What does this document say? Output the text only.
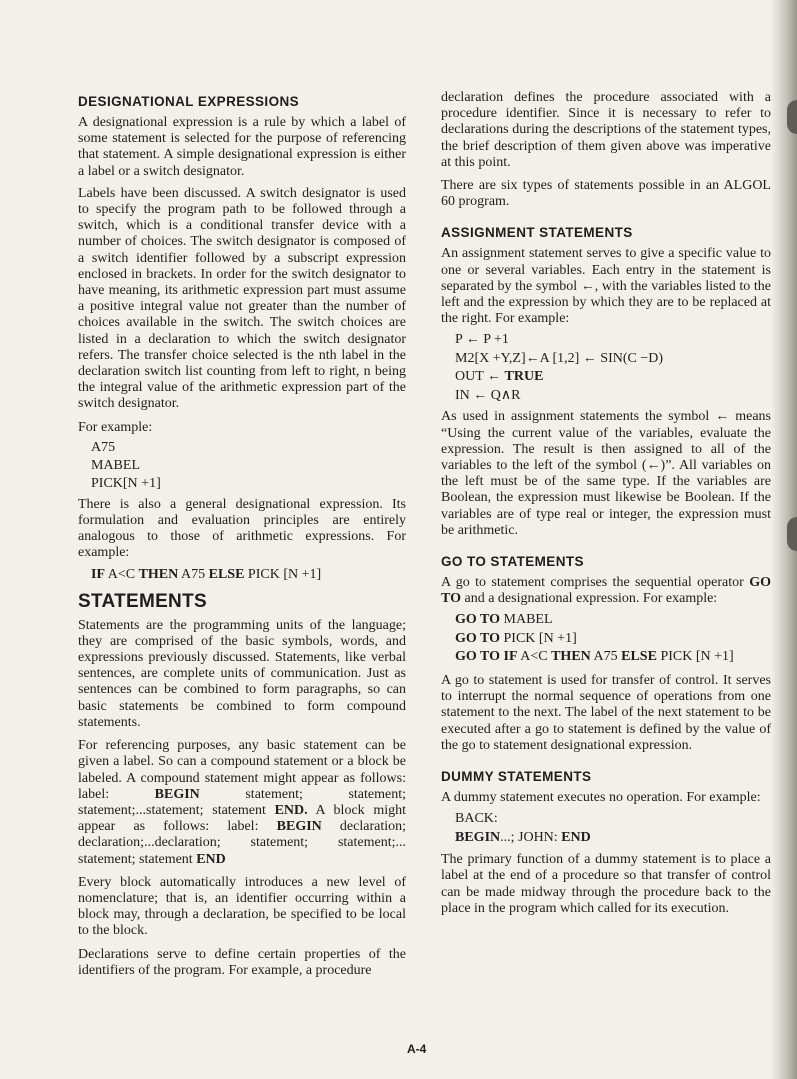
DESIGNATIONAL EXPRESSIONS

A designational expression is a rule by which a label of some statement is selected for the purpose of referencing that statement. A simple designational expression is either a label or a switch designator.

Labels have been discussed. A switch designator is used to specify the program path to be followed through a switch, which is a conditional transfer device with a number of choices. The switch designator is composed of a switch identifier followed by a subscript expression enclosed in brackets. In order for the switch designator to have meaning, its arithmetic expression part must assume a positive integral value not greater than the number of choices available in the switch. The switch choices are listed in a declaration to which the switch designator refers. The transfer choice selected is the nth label in the declaration switch list counting from left to right, n being the integral value of the arithmetic expression part of the switch designator.

For example:

A75
MABEL
PICK[N +1]

There is also a general designational expression. Its formulation and evaluation principles are entirely analogous to those of arithmetic expressions. For example:

IF A<C THEN A75 ELSE PICK [N +1]
STATEMENTS

Statements are the programming units of the language; they are comprised of the basic symbols, words, and expressions previously discussed. Statements, like verbal sentences, are complete units of communication. Just as sentences can be combined to form paragraphs, so can basic statements be combined to form compound statements.

For referencing purposes, any basic statement can be given a label. So can a compound statement or a block be labeled. A compound statement might appear as follows: label: BEGIN statement; statement; statement;...statement; statement END. A block might appear as follows: label: BEGIN declaration; declaration;...declaration; statement; statement;... statement; statement END

Every block automatically introduces a new level of nomenclature; that is, an identifier occurring within a block may, through a declaration, be specified to be local to the block.

Declarations serve to define certain properties of the identifiers of the program. For example, a procedure

declaration defines the procedure associated with a procedure identifier. Since it is necessary to refer to declarations during the descriptions of the statement types, the brief description of them given above was imperative at this point.

There are six types of statements possible in an ALGOL 60 program.

ASSIGNMENT STATEMENTS

An assignment statement serves to give a specific value to one or several variables. Each entry in the statement is separated by the symbol ←, with the variables listed to the left and the expression by which they are to be replaced at the right. For example:

P ← P +1
M2[X +Y,Z]←A [1,2] ← SIN(C −D)
OUT ← TRUE
IN ← Q∧R

As used in assignment statements the symbol ← means “Using the current value of the variables, evaluate the expression. The result is then assigned to all of the variables to the left of the symbol (←)”. All variables on the left must be of the same type. If the variables are Boolean, the expression must likewise be Boolean. If the variables are of type real or integer, the expression must be arithmetic.

GO TO STATEMENTS

A go to statement comprises the sequential operator GO TO and a designational expression. For example:

GO TO MABEL
GO TO PICK [N +1]
GO TO IF A<C THEN A75 ELSE PICK [N +1]

A go to statement is used for transfer of control. It serves to interrupt the normal sequence of operations from one statement to the next. The label of the next statement to be executed after a go to statement is defined by the value of the go to statement designational expression.

DUMMY STATEMENTS

A dummy statement executes no operation. For example:

BACK:
BEGIN...; JOHN: END

The primary function of a dummy statement is to place a label at the end of a procedure so that transfer of control can be made midway through the procedure back to the place in the program which called for its execution.

A-4
